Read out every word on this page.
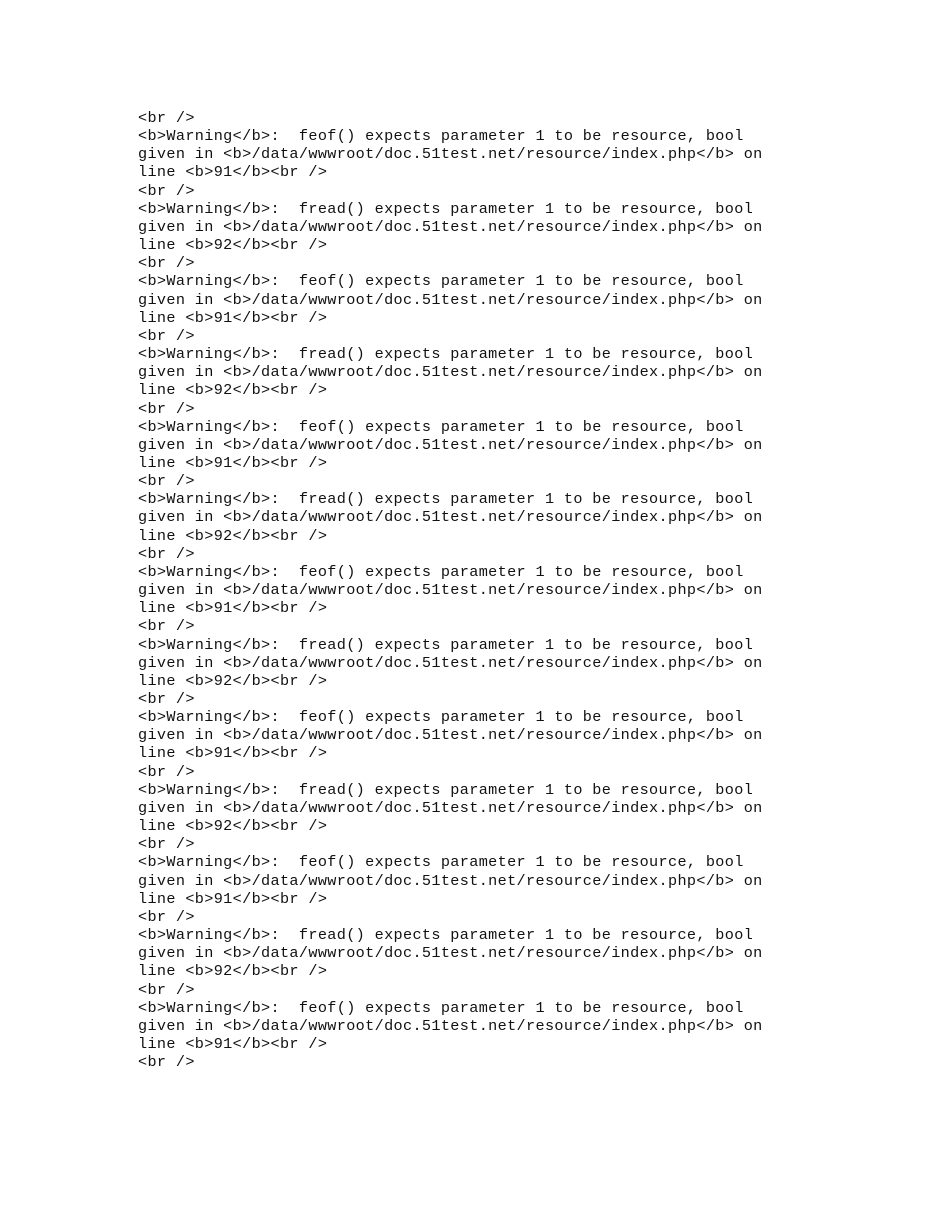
<br />
<b>Warning</b>:  feof() expects parameter 1 to be resource, bool
given in <b>/data/wwwroot/doc.51test.net/resource/index.php</b> on
line <b>91</b><br />
<br />
<b>Warning</b>:  fread() expects parameter 1 to be resource, bool
given in <b>/data/wwwroot/doc.51test.net/resource/index.php</b> on
line <b>92</b><br />
<br />
<b>Warning</b>:  feof() expects parameter 1 to be resource, bool
given in <b>/data/wwwroot/doc.51test.net/resource/index.php</b> on
line <b>91</b><br />
<br />
<b>Warning</b>:  fread() expects parameter 1 to be resource, bool
given in <b>/data/wwwroot/doc.51test.net/resource/index.php</b> on
line <b>92</b><br />
<br />
<b>Warning</b>:  feof() expects parameter 1 to be resource, bool
given in <b>/data/wwwroot/doc.51test.net/resource/index.php</b> on
line <b>91</b><br />
<br />
<b>Warning</b>:  fread() expects parameter 1 to be resource, bool
given in <b>/data/wwwroot/doc.51test.net/resource/index.php</b> on
line <b>92</b><br />
<br />
<b>Warning</b>:  feof() expects parameter 1 to be resource, bool
given in <b>/data/wwwroot/doc.51test.net/resource/index.php</b> on
line <b>91</b><br />
<br />
<b>Warning</b>:  fread() expects parameter 1 to be resource, bool
given in <b>/data/wwwroot/doc.51test.net/resource/index.php</b> on
line <b>92</b><br />
<br />
<b>Warning</b>:  feof() expects parameter 1 to be resource, bool
given in <b>/data/wwwroot/doc.51test.net/resource/index.php</b> on
line <b>91</b><br />
<br />
<b>Warning</b>:  fread() expects parameter 1 to be resource, bool
given in <b>/data/wwwroot/doc.51test.net/resource/index.php</b> on
line <b>92</b><br />
<br />
<b>Warning</b>:  feof() expects parameter 1 to be resource, bool
given in <b>/data/wwwroot/doc.51test.net/resource/index.php</b> on
line <b>91</b><br />
<br />
<b>Warning</b>:  fread() expects parameter 1 to be resource, bool
given in <b>/data/wwwroot/doc.51test.net/resource/index.php</b> on
line <b>92</b><br />
<br />
<b>Warning</b>:  feof() expects parameter 1 to be resource, bool
given in <b>/data/wwwroot/doc.51test.net/resource/index.php</b> on
line <b>91</b><br />
<br />
